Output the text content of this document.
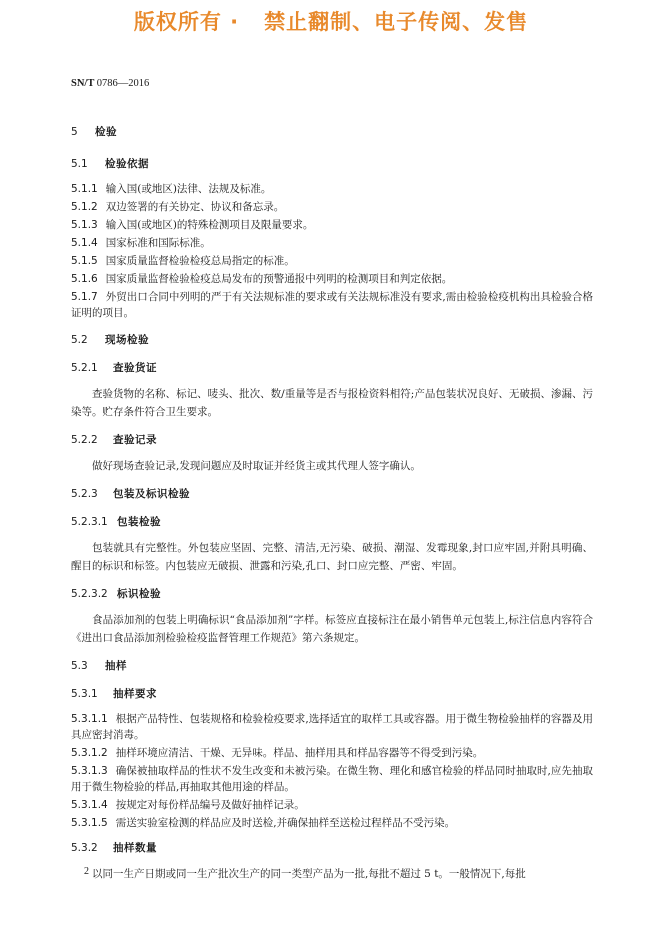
版权所有 ·   禁止翻制、电子传阅、发售
SN/T 0786—2016
5 检验
5.1 检验依据
5.1.1 输入国(或地区)法律、法规及标准。
5.1.2 双边签署的有关协定、协议和备忘录。
5.1.3 输入国(或地区)的特殊检测项目及限量要求。
5.1.4 国家标准和国际标准。
5.1.5 国家质量监督检验检疫总局指定的标准。
5.1.6 国家质量监督检验检疫总局发布的预警通报中列明的检测项目和判定依据。
5.1.7 外贸出口合同中列明的严于有关法规标准的要求或有关法规标准没有要求,需由检验检疫机构出具检验合格证明的项目。
5.2 现场检验
5.2.1 查验货证
查验货物的名称、标记、唛头、批次、数/重量等是否与报检资料相符;产品包装状况良好、无破损、渗漏、污染等。贮存条件符合卫生要求。
5.2.2 查验记录
做好现场查验记录,发现问题应及时取证并经货主或其代理人签字确认。
5.2.3 包装及标识检验
5.2.3.1 包装检验
包装就具有完整性。外包装应坚固、完整、清洁,无污染、破损、潮湿、发霉现象,封口应牢固,并附具明确、醒目的标识和标签。内包装应无破损、泄露和污染,孔口、封口应完整、严密、牢固。
5.2.3.2 标识检验
食品添加剂的包装上明确标识“食品添加剂”字样。标签应直接标注在最小销售单元包装上,标注信息内容符合《进出口食品添加剂检验检疫监督管理工作规范》第六条规定。
5.3 抽样
5.3.1 抽样要求
5.3.1.1 根据产品特性、包装规格和检验检疫要求,选择适宜的取样工具或容器。用于微生物检验抽样的容器及用具应密封消毒。
5.3.1.2 抽样环境应清洁、干燥、无异味。样品、抽样用具和样品容器等不得受到污染。
5.3.1.3 确保被抽取样品的性状不发生改变和未被污染。在微生物、理化和感官检验的样品同时抽取时,应先抽取用于微生物检验的样品,再抽取其他用途的样品。
5.3.1.4 按规定对每份样品编号及做好抽样记录。
5.3.1.5 需送实验室检测的样品应及时送检,并确保抽样至送检过程样品不受污染。
5.3.2 抽样数量
以同一生产日期或同一生产批次生产的同一类型产品为一批,每批不超过 5 t。一般情况下,每批
2
